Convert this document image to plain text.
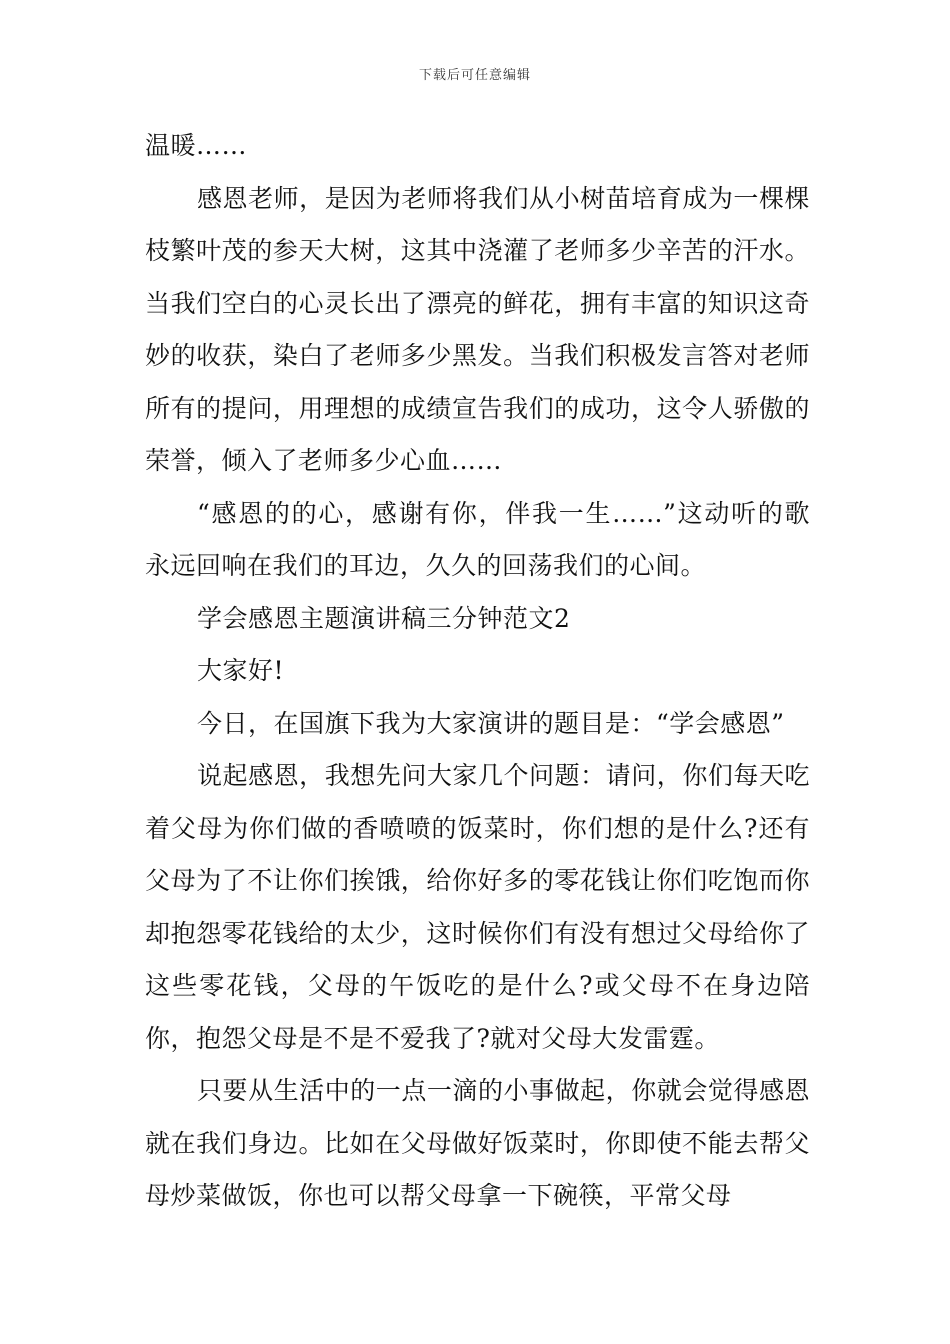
下载后可任意编辑

温暖……

感恩老师，是因为老师将我们从小树苗培育成为一棵棵枝繁叶茂的参天大树，这其中浇灌了老师多少辛苦的汗水。当我们空白的心灵长出了漂亮的鲜花，拥有丰富的知识这奇妙的收获，染白了老师多少黑发。当我们积极发言答对老师所有的提问，用理想的成绩宣告我们的成功，这令人骄傲的荣誉，倾入了老师多少心血……

“感恩的的心，感谢有你，伴我一生……”这动听的歌永远回响在我们的耳边，久久的回荡我们的心间。

学会感恩主题演讲稿三分钟范文2

大家好!

今日，在国旗下我为大家演讲的题目是：“学会感恩”

说起感恩，我想先问大家几个问题：请问，你们每天吃着父母为你们做的香喷喷的饭菜时，你们想的是什么?还有父母为了不让你们挨饿，给你好多的零花钱让你们吃饱而你却抱怨零花钱给的太少，这时候你们有没有想过父母给你了这些零花钱，父母的午饭吃的是什么?或父母不在身边陪你，抱怨父母是不是不爱我了?就对父母大发雷霆。

只要从生活中的一点一滴的小事做起，你就会觉得感恩就在我们身边。比如在父母做好饭菜时，你即使不能去帮父母炒菜做饭，你也可以帮父母拿一下碗筷，平常父母
